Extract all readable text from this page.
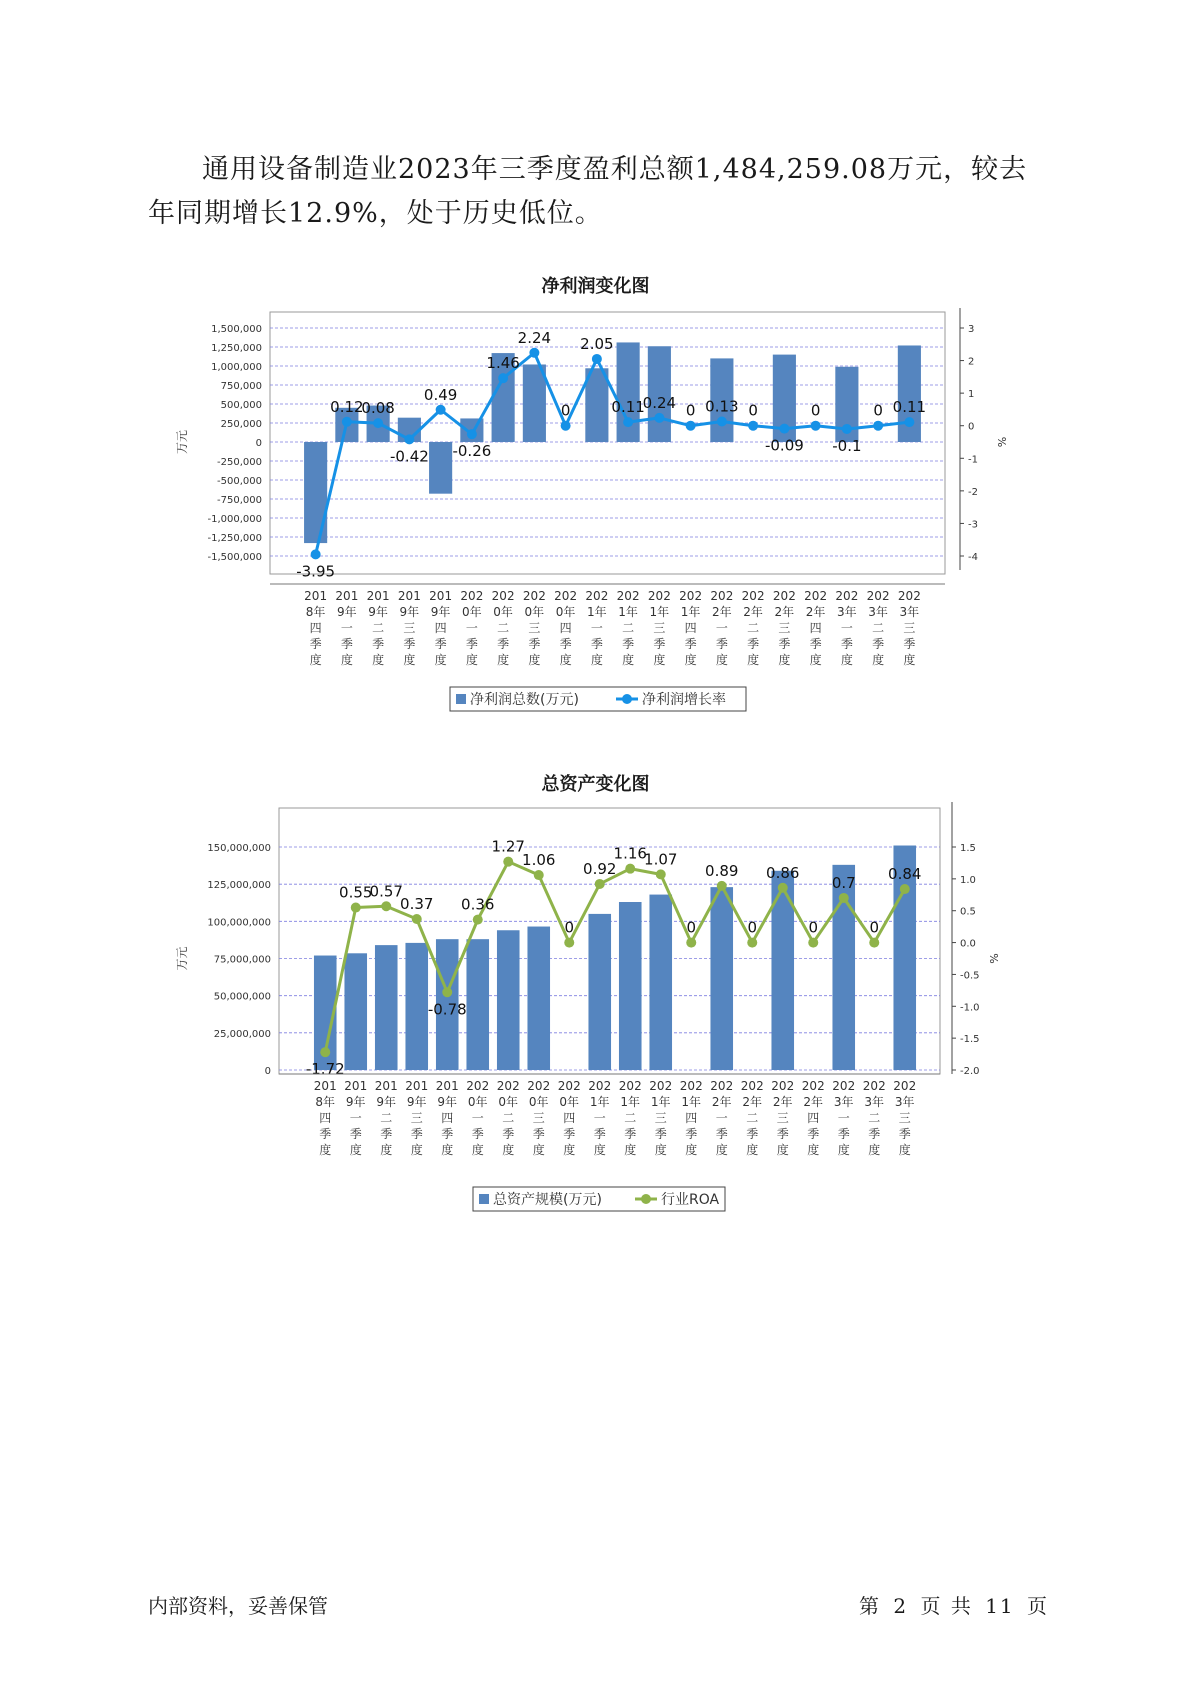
通用设备制造业2023年三季度盈利总额1,484,259.08万元，较去年同期增长12.9%，处于历史低位。

净利润变化图
1,500,000
1,250,000
1,000,000
750,000
500,000
250,000
0
-250,000
-500,000
-750,000
-1,000,000
-1,250,000
-1,500,000
万元
3
2
1
0
-1
-2
-3
-4
%
-3.95
0.12
0.08
-0.42
0.49
-0.26
1.46
2.24
0
2.05
0.11
0.24 0 0.13 0
-0.09
0
-0.1
0 0.11
201
8年
四
季
度
201
9年
一
季
度
201
9年
二
季
度
201
9年
三
季
度
201
9年
四
季
度
202
0年
一
季
度
202
0年
二
季
度
202
0年
三
季
度
202
0年
四
季
度
202
1年
一
季
度
202
1年
二
季
度
202
1年
三
季
度
202
1年
四
季
度
202
2年
一
季
度
202
2年
二
季
度
202
2年
三
季
度
202
2年
四
季
度
202
3年
一
季
度
202
3年
二
季
度
202
3年
三
季
度
净利润总数(万元)	净利润增长率
总资产变化图
150,000,000
125,000,000
100,000,000
75,000,000
50,000,000
25,000,000
0
万元
1.5
1.0
0.5
0.0
-0.5
-1.0
-1.5
-2.0
%
-1.72
0.55
0.57
0.37
-0.78
0.36
1.27
1.06
0
0.92
1.16
1.07
0
0.89
0
0.86
0
0.7
0
0.84
201
8年
四
季
度
201
9年
一
季
度
201
9年
二
季
度
201
9年
三
季
度
201
9年
四
季
度
202
0年
一
季
度
202
0年
二
季
度
202
0年
三
季
度
202
0年
四
季
度
202
1年
一
季
度
202
1年
二
季
度
202
1年
三
季
度
202
1年
四
季
度
202
2年
一
季
度
202
2年
二
季
度
202
2年
三
季
度
202
2年
四
季
度
202
3年
一
季
度
202
3年
二
季
度
202
3年
三
季
度
总资产规模(万元)	行业ROA
内部资料，妥善保管	第 2 页 共 11 页
